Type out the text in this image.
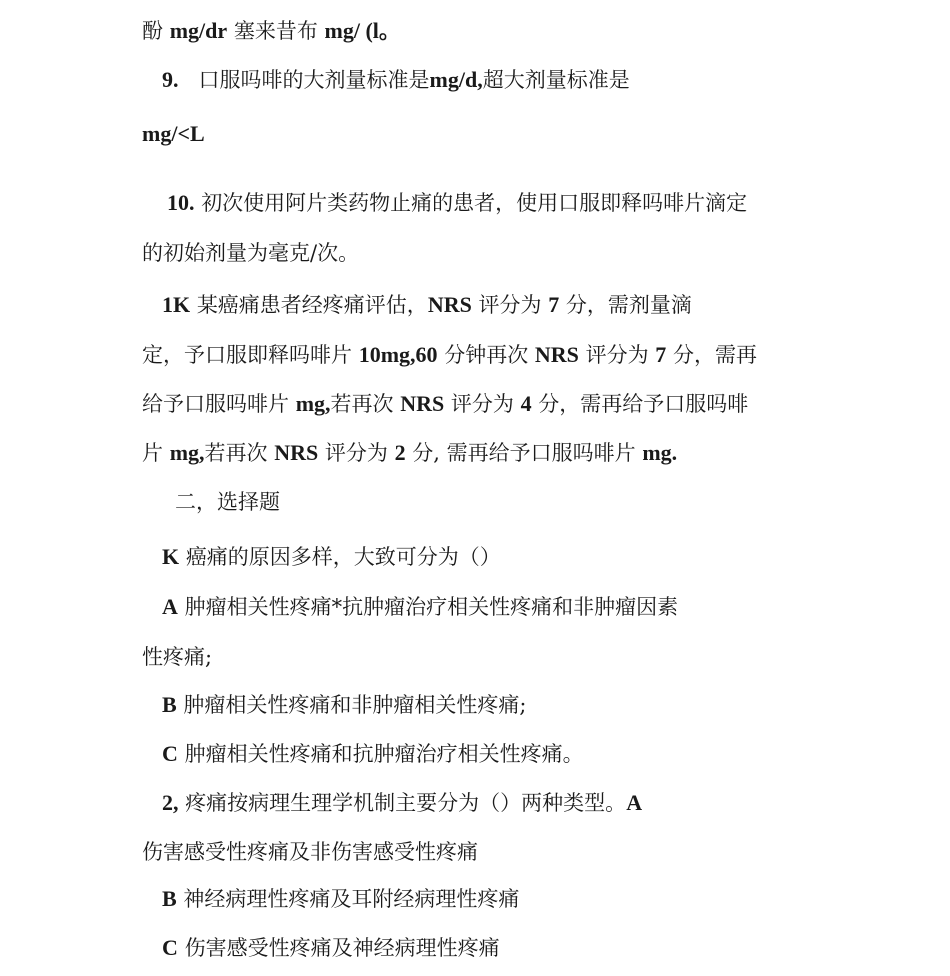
酚 mg/dr 塞来昔布 mg/ (l。
9. 口服吗啡的大剂量标准是mg/d,超大剂量标准是
mg/<L
10. 初次使用阿片类药物止痛的患者，使用口服即释吗啡片滴定
的初始剂量为毫克/次。
1K 某癌痛患者经疼痛评估，NRS 评分为 7 分，需剂量滴
定，予口服即释吗啡片 10mg,60 分钟再次 NRS 评分为 7 分，需再
给予口服吗啡片 mg,若再次 NRS 评分为 4 分，需再给予口服吗啡
片 mg,若再次 NRS 评分为 2 分, 需再给予口服吗啡片 mg.
二，选择题
K 癌痛的原因多样，大致可分为（）
A 肿瘤相关性疼痛*抗肿瘤治疗相关性疼痛和非肿瘤因素
性疼痛;
B 肿瘤相关性疼痛和非肿瘤相关性疼痛;
C 肿瘤相关性疼痛和抗肿瘤治疗相关性疼痛。
2, 疼痛按病理生理学机制主要分为（）两种类型。A
伤害感受性疼痛及非伤害感受性疼痛
B 神经病理性疼痛及耳附经病理性疼痛
C 伤害感受性疼痛及神经病理性疼痛
